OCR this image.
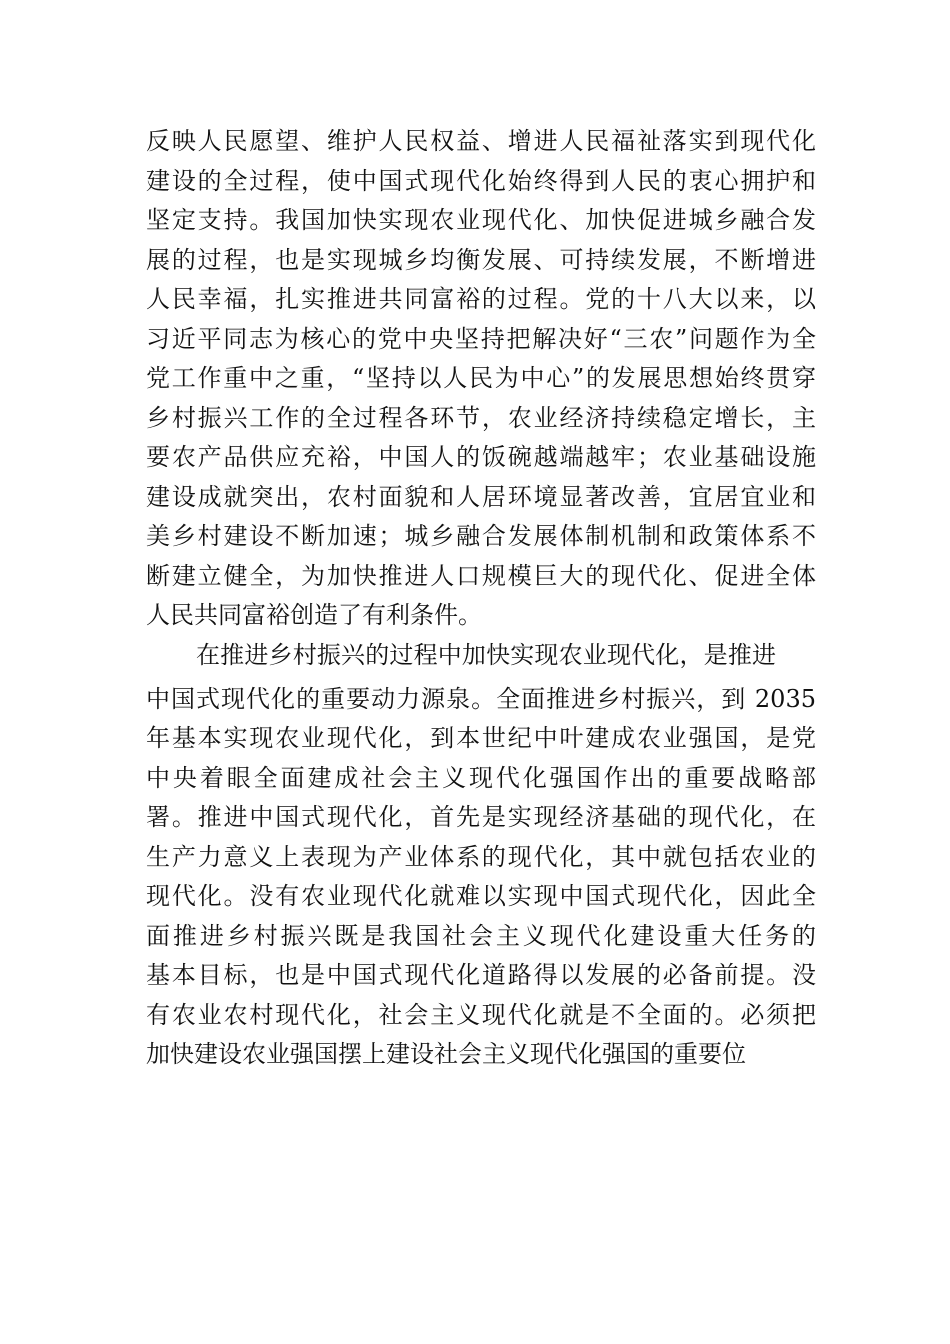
反映人民愿望、维护人民权益、增进人民福祉落实到现代化
建设的全过程，使中国式现代化始终得到人民的衷心拥护和
坚定支持。我国加快实现农业现代化、加快促进城乡融合发
展的过程，也是实现城乡均衡发展、可持续发展，不断增进
人民幸福，扎实推进共同富裕的过程。党的十八大以来，以
习近平同志为核心的党中央坚持把解决好“三农”问题作为全
党工作重中之重，“坚持以人民为中心”的发展思想始终贯穿
乡村振兴工作的全过程各环节，农业经济持续稳定增长，主
要农产品供应充裕，中国人的饭碗越端越牢；农业基础设施
建设成就突出，农村面貌和人居环境显著改善，宜居宜业和
美乡村建设不断加速；城乡融合发展体制机制和政策体系不
断建立健全，为加快推进人口规模巨大的现代化、促进全体
人民共同富裕创造了有利条件。
在推进乡村振兴的过程中加快实现农业现代化，是推进
中国式现代化的重要动力源泉。全面推进乡村振兴，到 2035
年基本实现农业现代化，到本世纪中叶建成农业强国，是党
中央着眼全面建成社会主义现代化强国作出的重要战略部
署。推进中国式现代化，首先是实现经济基础的现代化，在
生产力意义上表现为产业体系的现代化，其中就包括农业的
现代化。没有农业现代化就难以实现中国式现代化，因此全
面推进乡村振兴既是我国社会主义现代化建设重大任务的
基本目标，也是中国式现代化道路得以发展的必备前提。没
有农业农村现代化，社会主义现代化就是不全面的。必须把
加快建设农业强国摆上建设社会主义现代化强国的重要位
